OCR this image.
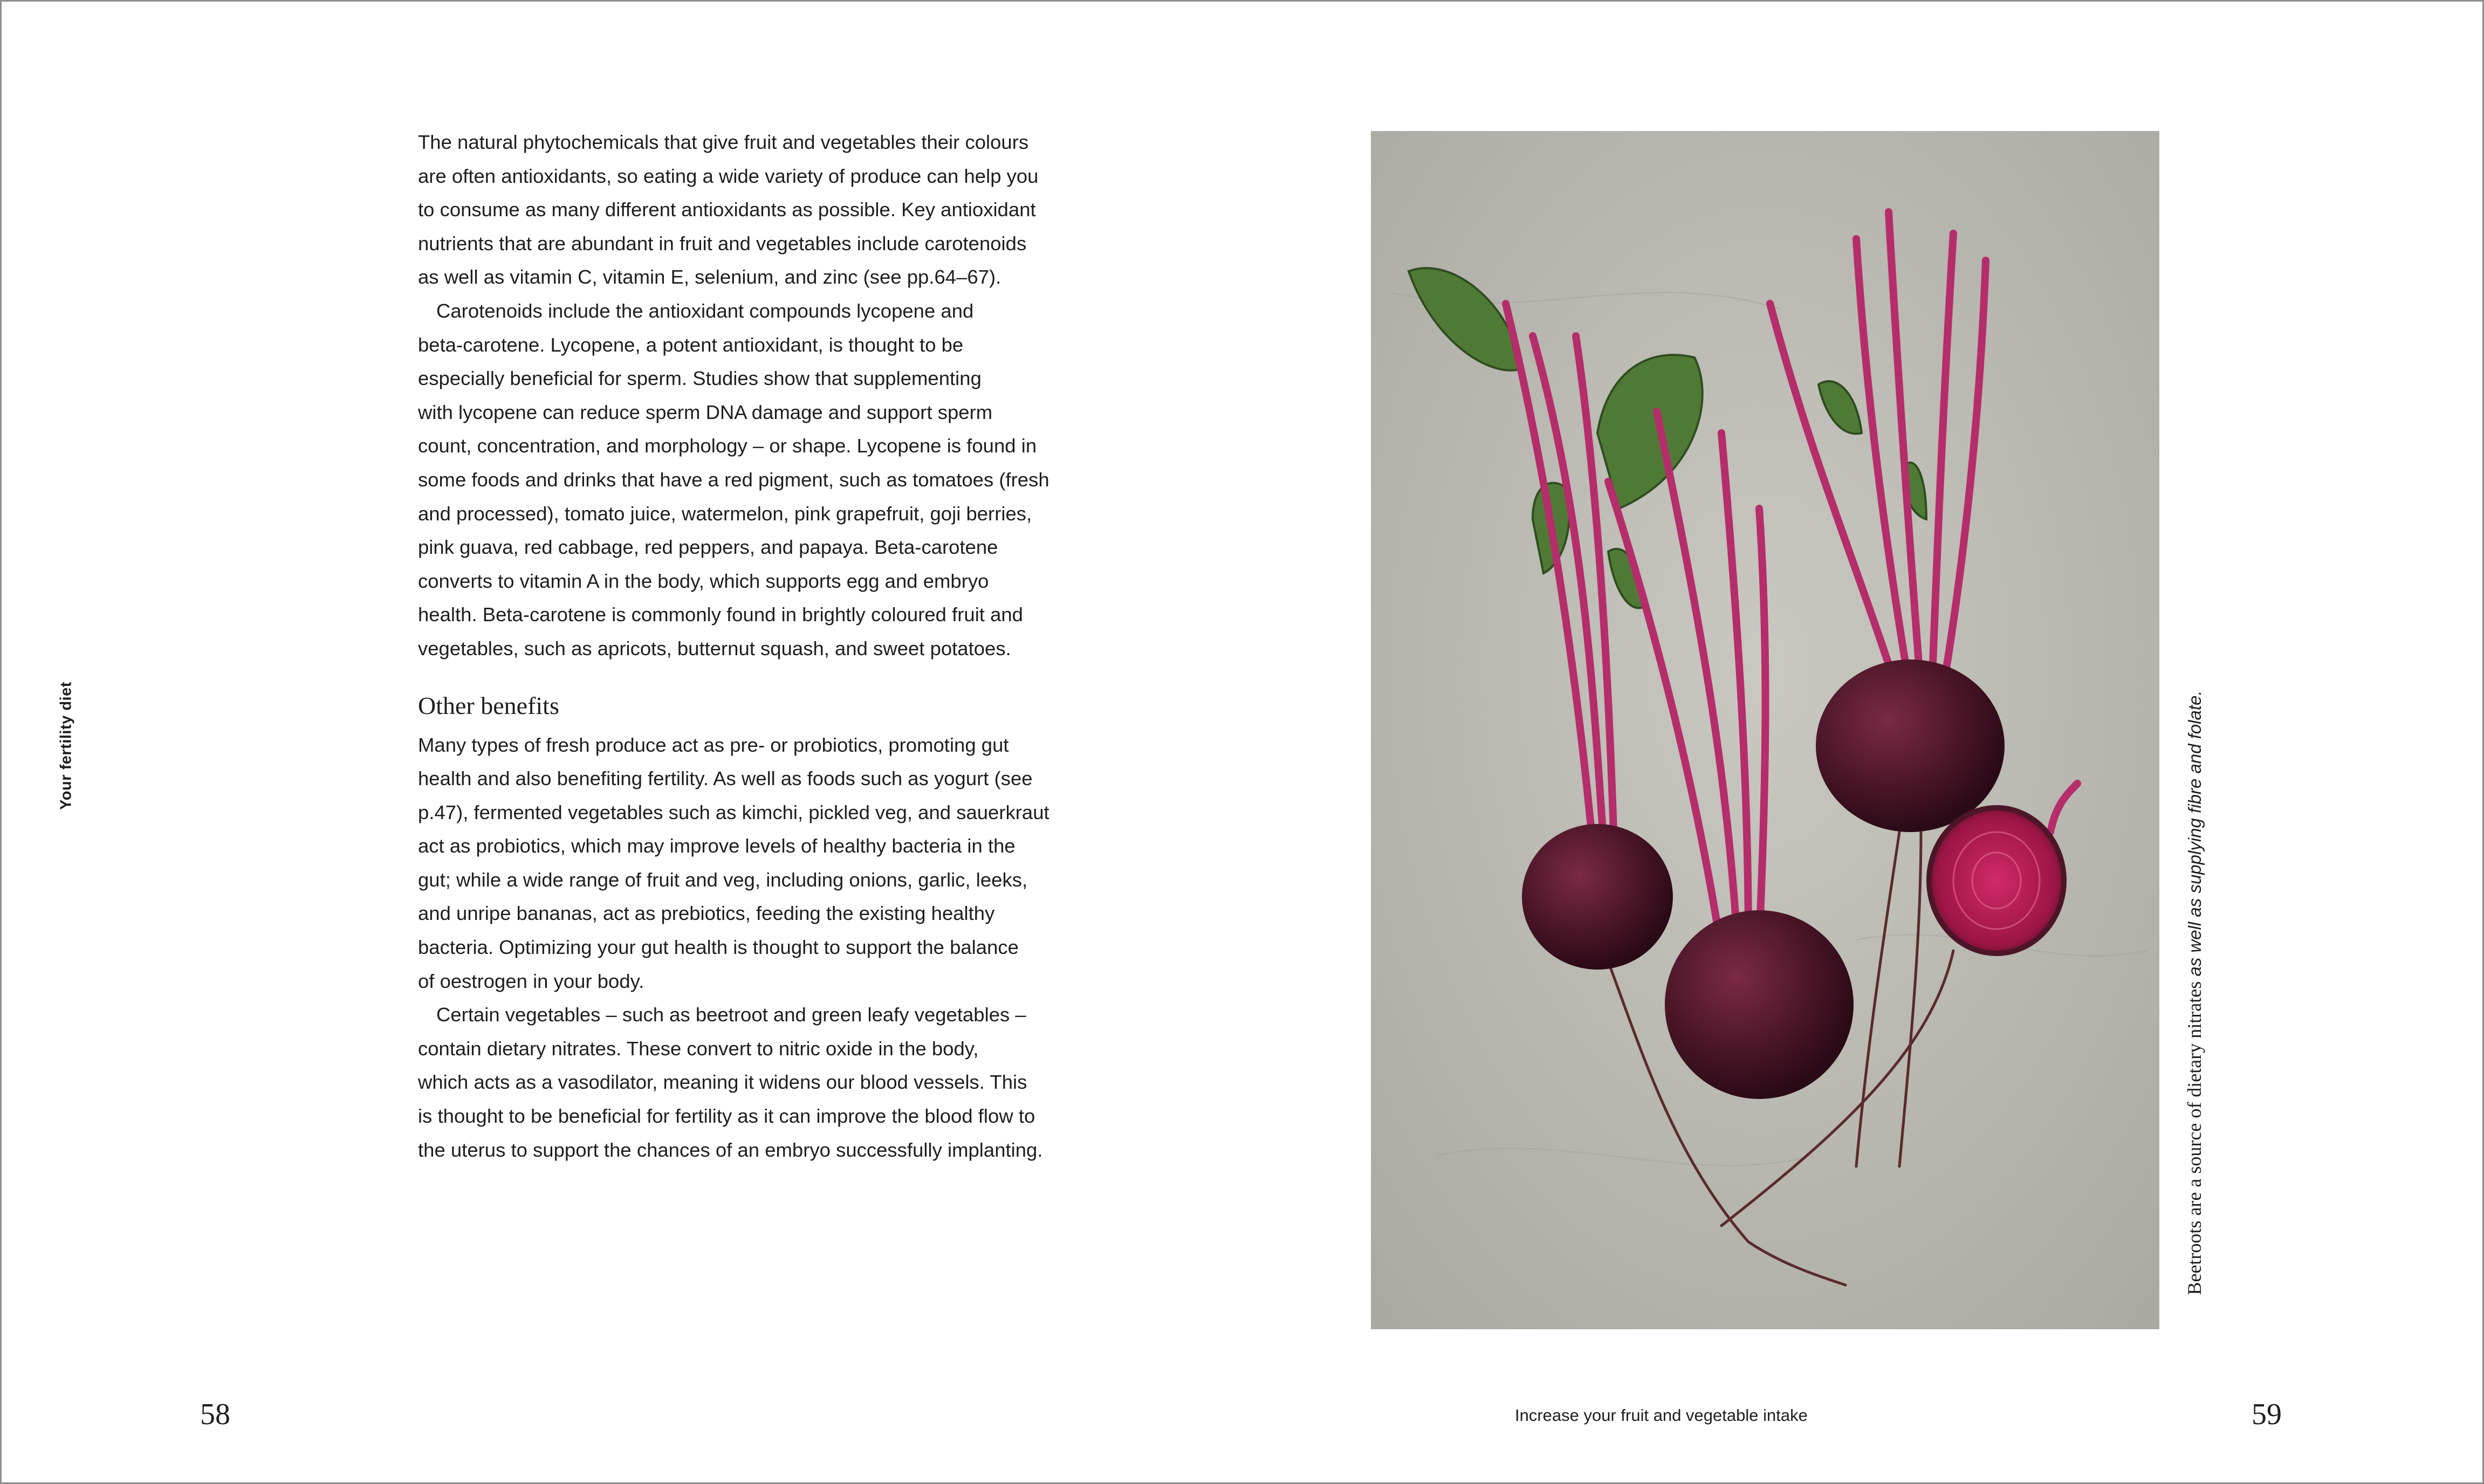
Your fertility diet

The natural phytochemicals that give fruit and vegetables their colours
are often antioxidants, so eating a wide variety of produce can help you
to consume as many different antioxidants as possible. Key antioxidant
nutrients that are abundant in fruit and vegetables include carotenoids
as well as vitamin C, vitamin E, selenium, and zinc (see pp.64–67).

Carotenoids include the antioxidant compounds lycopene and
beta-carotene. Lycopene, a potent antioxidant, is thought to be
especially beneficial for sperm. Studies show that supplementing
with lycopene can reduce sperm DNA damage and support sperm
count, concentration, and morphology – or shape. Lycopene is found in
some foods and drinks that have a red pigment, such as tomatoes (fresh
and processed), tomato juice, watermelon, pink grapefruit, goji berries,
pink guava, red cabbage, red peppers, and papaya. Beta-carotene
converts to vitamin A in the body, which supports egg and embryo
health. Beta-carotene is commonly found in brightly coloured fruit and
vegetables, such as apricots, butternut squash, and sweet potatoes.

Other benefits

Many types of fresh produce act as pre- or probiotics, promoting gut
health and also benefiting fertility. As well as foods such as yogurt (see
p.47), fermented vegetables such as kimchi, pickled veg, and sauerkraut
act as probiotics, which may improve levels of healthy bacteria in the
gut; while a wide range of fruit and veg, including onions, garlic, leeks,
and unripe bananas, act as prebiotics, feeding the existing healthy
bacteria. Optimizing your gut health is thought to support the balance
of oestrogen in your body.

Certain vegetables – such as beetroot and green leafy vegetables –
contain dietary nitrates. These convert to nitric oxide in the body,
which acts as a vasodilator, meaning it widens our blood vessels. This
is thought to be beneficial for fertility as it can improve the blood flow to
the uterus to support the chances of an embryo successfully implanting.	Beetroots are a source of dietary nitrates as well as supplying fibre and folate.
58	Increase your fruit and vegetable intake	59
